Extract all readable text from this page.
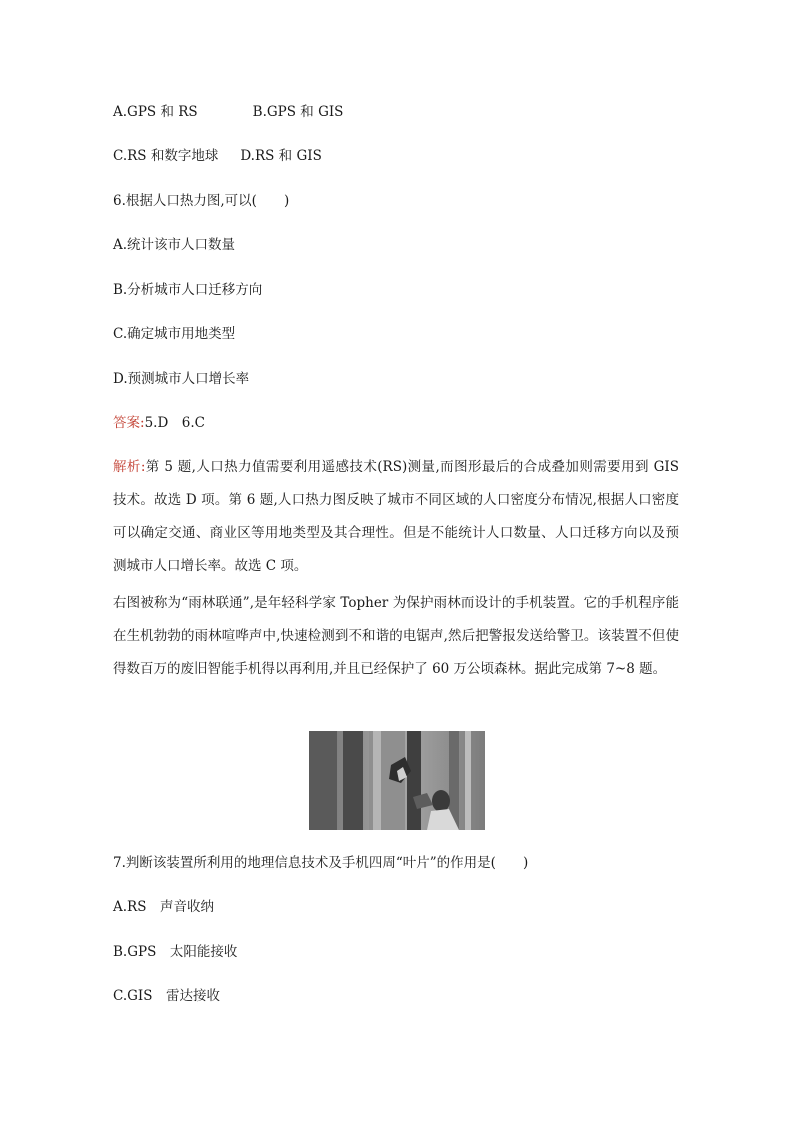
A.GPS 和 RS	B.GPS 和 GIS
C.RS 和数字地球 D.RS 和 GIS
6.根据人口热力图,可以(　　)
A.统计该市人口数量
B.分析城市人口迁移方向
C.确定城市用地类型
D.预测城市人口增长率
答案:5.D　6.C
解析:第 5 题,人口热力值需要利用遥感技术(RS)测量,而图形最后的合成叠加则需要用到 GIS 技术。故选 D 项。第 6 题,人口热力图反映了城市不同区域的人口密度分布情况,根据人口密度可以确定交通、商业区等用地类型及其合理性。但是不能统计人口数量、人口迁移方向以及预测城市人口增长率。故选 C 项。
右图被称为“雨林联通”,是年轻科学家 Topher 为保护雨林而设计的手机装置。它的手机程序能在生机勃勃的雨林喧哗声中,快速检测到不和谐的电锯声,然后把警报发送给警卫。该装置不但使得数百万的废旧智能手机得以再利用,并且已经保护了 60 万公顷森林。据此完成第 7~8 题。
7.判断该装置所利用的地理信息技术及手机四周“叶片”的作用是(　　)
A.RS　声音收纳
B.GPS　太阳能接收
C.GIS　雷达接收
